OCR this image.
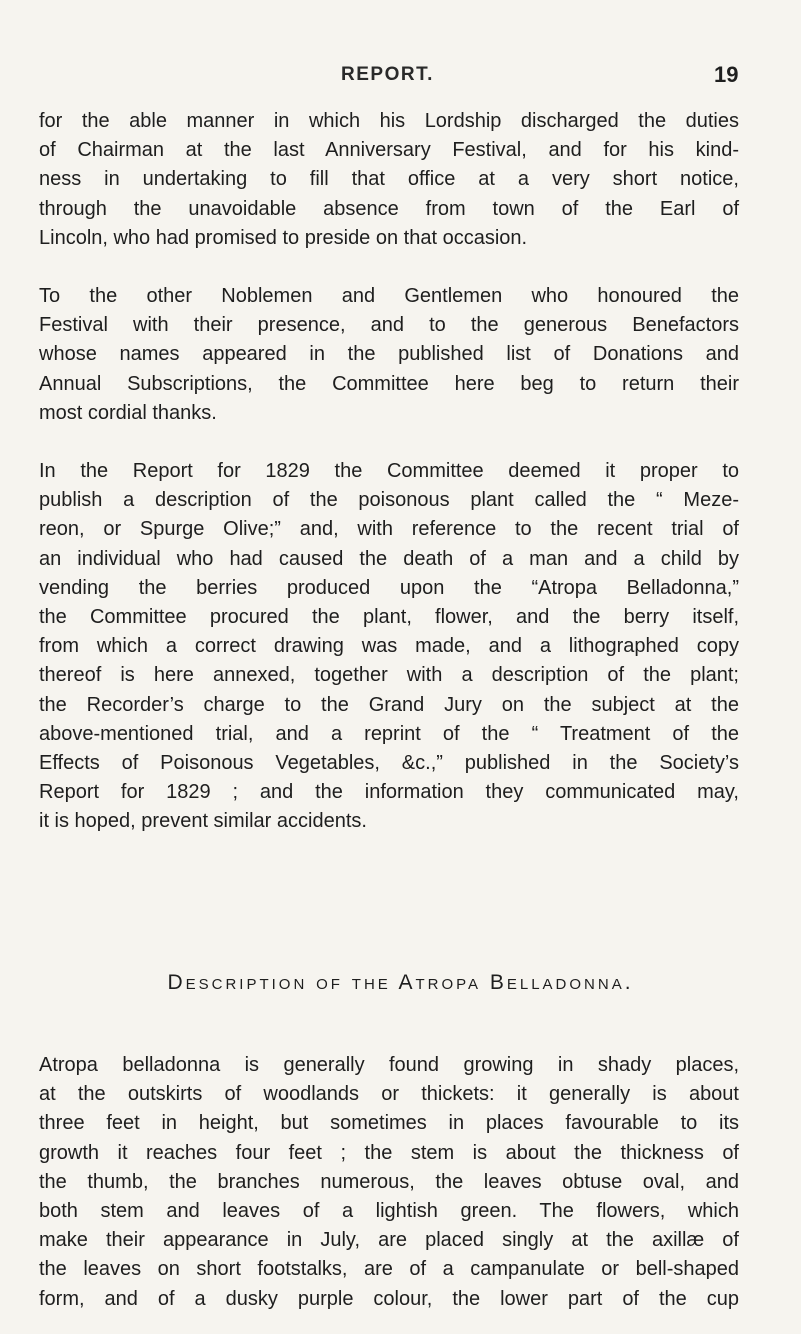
REPORT.	19

for the able manner in which his Lordship discharged the duties
of Chairman at the last Anniversary Festival, and for his kind-
ness in undertaking to fill that office at a very short notice,
through the unavoidable absence from town of the Earl of
Lincoln, who had promised to preside on that occasion.

To the other Noblemen and Gentlemen who honoured the
Festival with their presence, and to the generous Benefactors
whose names appeared in the published list of Donations and
Annual Subscriptions, the Committee here beg to return their
most cordial thanks.

In the Report for 1829 the Committee deemed it proper to
publish a description of the poisonous plant called the “ Meze-
reon, or Spurge Olive;” and, with reference to the recent trial of
an individual who had caused the death of a man and a child by
vending the berries produced upon the “Atropa Belladonna,”
the Committee procured the plant, flower, and the berry itself,
from which a correct drawing was made, and a lithographed copy
thereof is here annexed, together with a description of the plant;
the Recorder’s charge to the Grand Jury on the subject at the
above-mentioned trial, and a reprint of the “ Treatment of the
Effects of Poisonous Vegetables, &c.,” published in the Society’s
Report for 1829 ; and the information they communicated may,
it is hoped, prevent similar accidents.

Description of the Atropa Belladonna.

Atropa belladonna is generally found growing in shady places,
at the outskirts of woodlands or thickets: it generally is about
three feet in height, but sometimes in places favourable to its
growth it reaches four feet ; the stem is about the thickness of
the thumb, the branches numerous, the leaves obtuse oval, and
both stem and leaves of a lightish green. The flowers, which
make their appearance in July, are placed singly at the axillæ of
the leaves on short footstalks, are of a campanulate or bell-shaped
form, and of a dusky purple colour, the lower part of the cup
